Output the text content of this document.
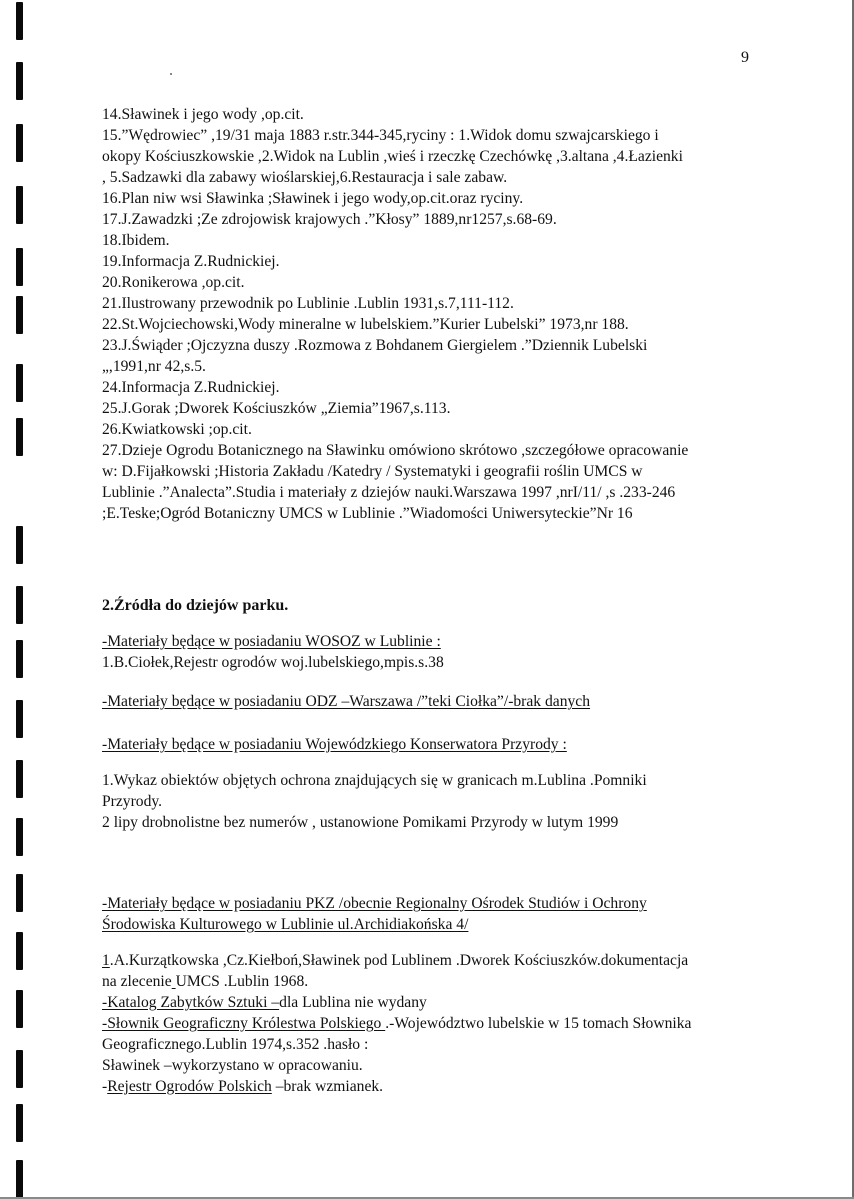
9
14.Sławinek i jego wody ,op.cit.
15.”Wędrowiec” ,19/31 maja 1883 r.str.344-345,ryciny : 1.Widok domu szwajcarskiego i
okopy Kościuszkowskie ,2.Widok na Lublin ,wieś i rzeczkę Czechówkę ,3.altana ,4.Łazienki
, 5.Sadzawki dla zabawy wioślarskiej,6.Restauracja i sale zabaw.
16.Plan niw wsi Sławinka ;Sławinek i jego wody,op.cit.oraz ryciny.
17.J.Zawadzki ;Ze zdrojowisk krajowych .”Kłosy” 1889,nr1257,s.68-69.
18.Ibidem.
19.Informacja Z.Rudnickiej.
20.Ronikerowa ,op.cit.
21.Ilustrowany przewodnik po Lublinie .Lublin 1931,s.7,111-112.
22.St.Wojciechowski,Wody mineralne w lubelskiem.”Kurier Lubelski” 1973,nr 188.
23.J.Świąder ;Ojczyzna duszy .Rozmowa z Bohdanem Giergielem .”Dziennik Lubelski
„,1991,nr 42,s.5.
24.Informacja Z.Rudnickiej.
25.J.Gorak ;Dworek Kościuszków „Ziemia”1967,s.113.
26.Kwiatkowski ;op.cit.
27.Dzieje Ogrodu Botanicznego na Sławinku omówiono skrótowo ,szczegółowe opracowanie
w: D.Fijałkowski ;Historia Zakładu /Katedry / Systematyki i geografii roślin UMCS w
Lublinie .”Analecta”.Studia i materiały z dziejów nauki.Warszawa 1997 ,nrI/11/ ,s .233-246
;E.Teske;Ogród Botaniczny UMCS w Lublinie .”Wiadomości Uniwersyteckie”Nr 16
2.Źródła do dziejów parku.
-Materiały będące w posiadaniu WOSOZ w Lublinie :
1.B.Ciołek,Rejestr ogrodów woj.lubelskiego,mpis.s.38
-Materiały będące w posiadaniu ODZ –Warszawa /”teki Ciołka”/-brak danych
-Materiały będące w posiadaniu Wojewódzkiego Konserwatora Przyrody :
1.Wykaz obiektów objętych ochrona znajdujących się w granicach m.Lublina .Pomniki
Przyrody.
2 lipy drobnolistne bez numerów , ustanowione Pomikami Przyrody w lutym 1999
-Materiały będące w posiadaniu PKZ /obecnie Regionalny Ośrodek Studiów i Ochrony
Środowiska Kulturowego w Lublinie ul.Archidiakońska 4/
1.A.Kurzątkowska ,Cz.Kiełboń,Sławinek pod Lublinem .Dworek Kościuszków.dokumentacja
na zlecenie UMCS .Lublin 1968.
-Katalog Zabytków Sztuki –dla Lublina nie wydany
-Słownik Geograficzny Królestwa Polskiego .-Województwo lubelskie w 15 tomach Słownika
Geograficznego.Lublin 1974,s.352 .hasło :
Sławinek –wykorzystano w opracowaniu.
-Rejestr Ogrodów Polskich –brak wzmianek.
